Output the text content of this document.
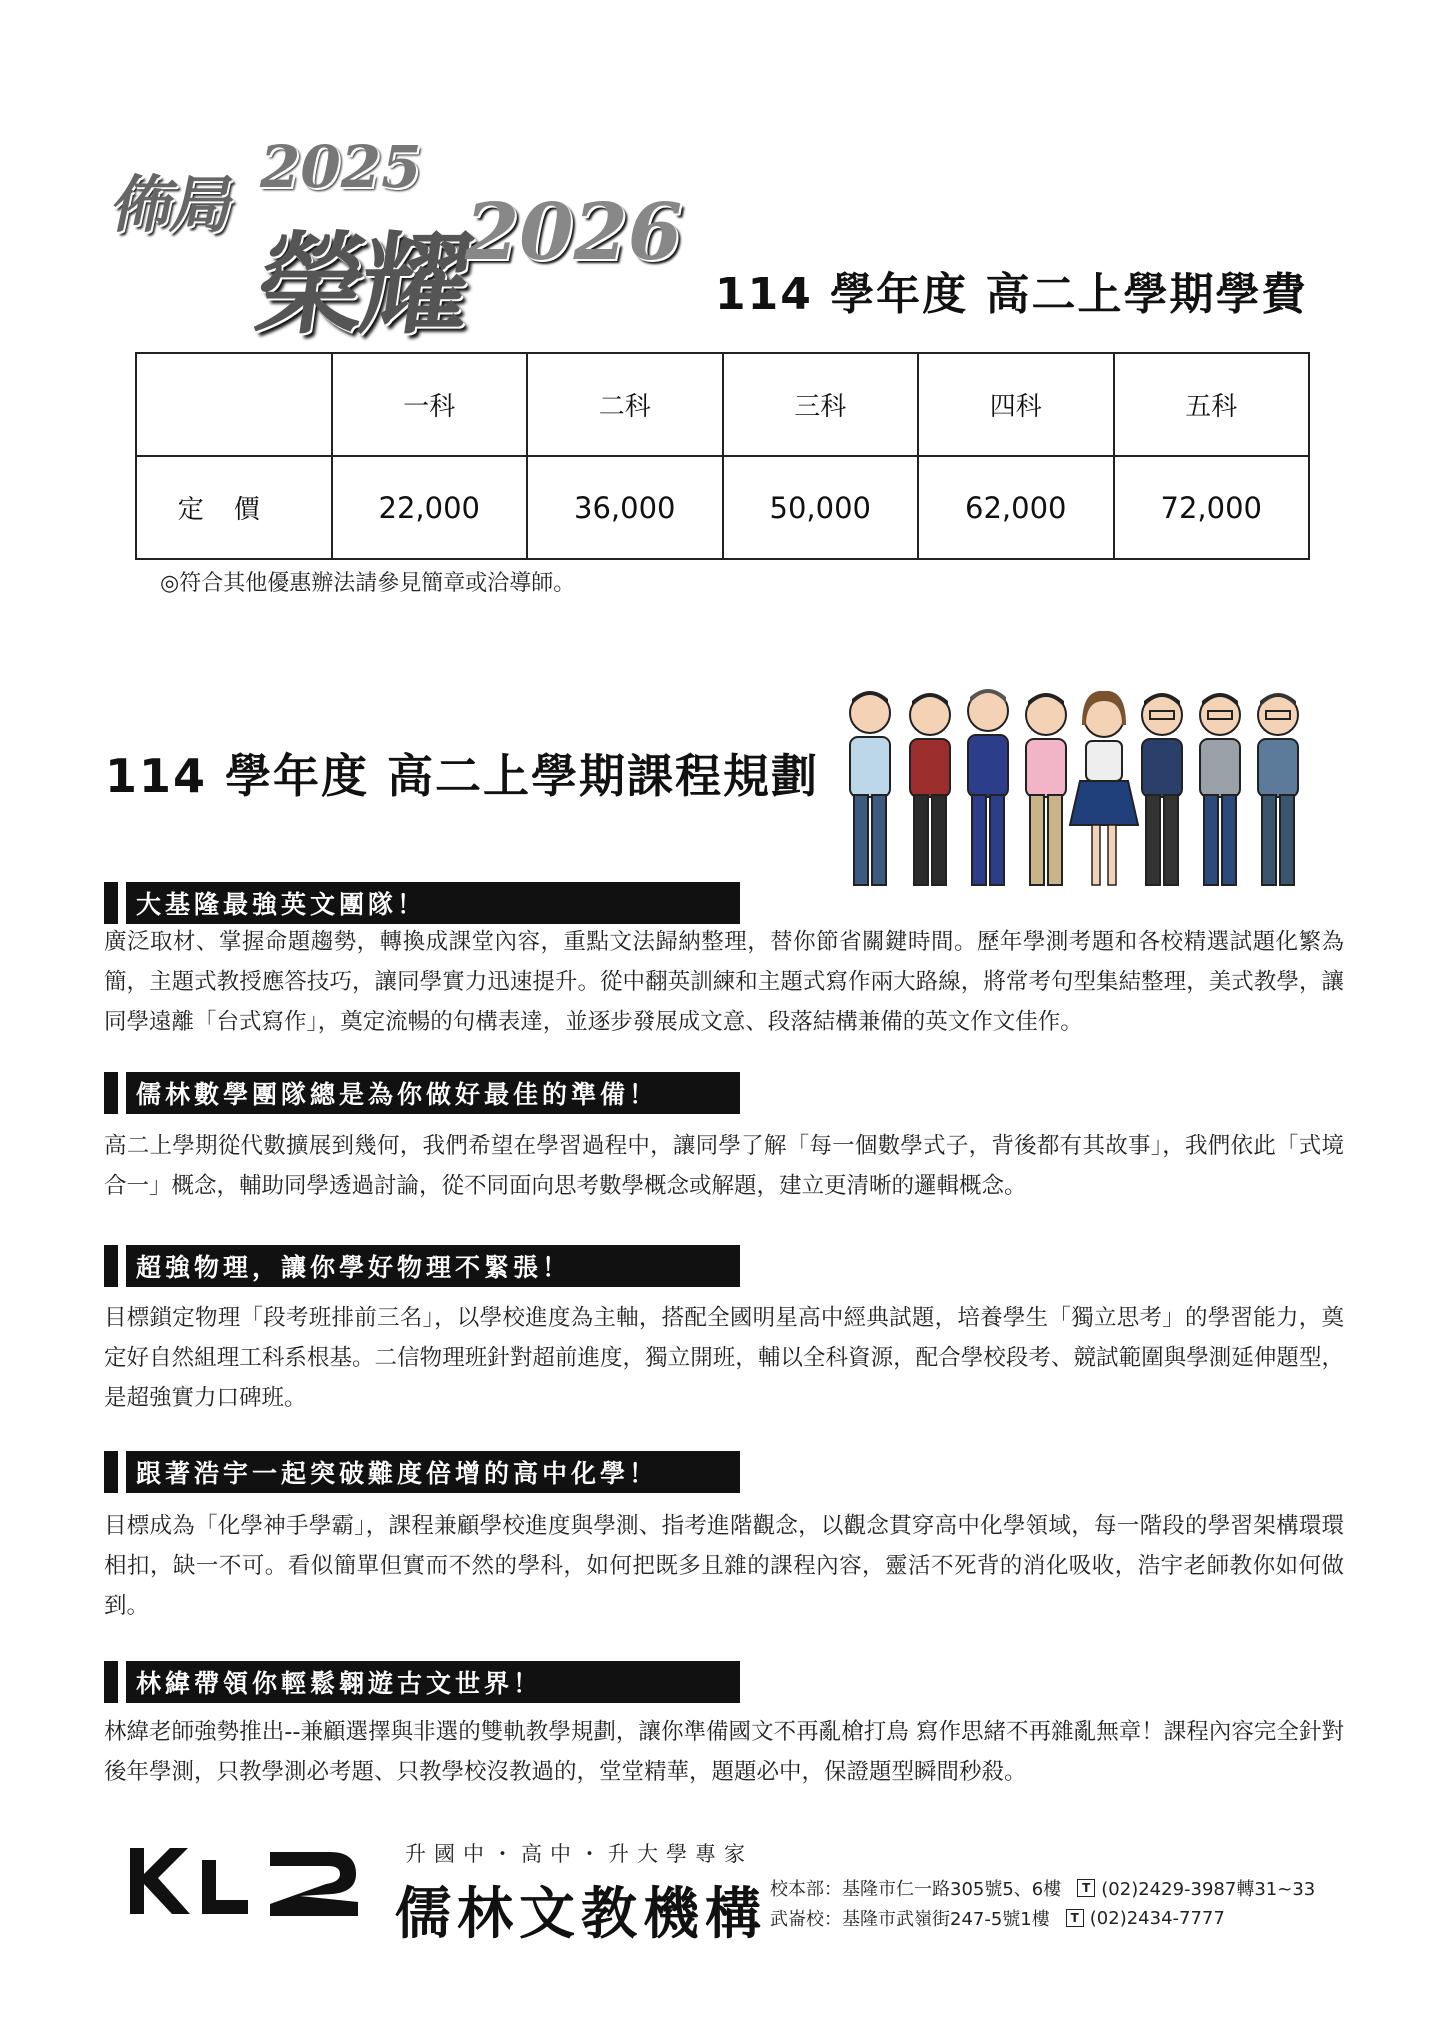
佈局
2025
榮耀
2026
114 學年度 高二上學期學費
	一科	二科	三科	四科	五科
定價	22,000	36,000	50,000	62,000	72,000
◎符合其他優惠辦法請參見簡章或洽導師。
114 學年度 高二上學期課程規劃
大基隆最強英文團隊！
廣泛取材、掌握命題趨勢，轉換成課堂內容，重點文法歸納整理，替你節省關鍵時間。歷年學測考題和各校精選試題化繁為簡，主題式教授應答技巧，讓同學實力迅速提升。從中翻英訓練和主題式寫作兩大路線，將常考句型集結整理，美式教學，讓同學遠離「台式寫作」，奠定流暢的句構表達，並逐步發展成文意、段落結構兼備的英文作文佳作。
儒林數學團隊總是為你做好最佳的準備！
高二上學期從代數擴展到幾何，我們希望在學習過程中，讓同學了解「每一個數學式子，背後都有其故事」，我們依此「式境合一」概念，輔助同學透過討論，從不同面向思考數學概念或解題，建立更清晰的邏輯概念。
超強物理，讓你學好物理不緊張！
目標鎖定物理「段考班排前三名」，以學校進度為主軸，搭配全國明星高中經典試題，培養學生「獨立思考」的學習能力，奠定好自然組理工科系根基。二信物理班針對超前進度，獨立開班，輔以全科資源，配合學校段考、競試範圍與學測延伸題型，是超強實力口碑班。
跟著浩宇一起突破難度倍增的高中化學！
目標成為「化學神手學霸」，課程兼顧學校進度與學測、指考進階觀念，以觀念貫穿高中化學領域，每一階段的學習架構環環相扣，缺一不可。看似簡單但實而不然的學科，如何把既多且雜的課程內容，靈活不死背的消化吸收，浩宇老師教你如何做到。
林緯帶領你輕鬆翱遊古文世界！
林緯老師強勢推出--兼顧選擇與非選的雙軌教學規劃，讓你準備國文不再亂槍打鳥 寫作思緒不再雜亂無章！課程內容完全針對後年學測，只教學測必考題、只教學校沒教過的，堂堂精華，題題必中，保證題型瞬間秒殺。
升國中・高中・升大學專家
儒林文教機構 校本部：基隆市仁一路305號5、6樓	T (02)2429-3987轉31~33
武崙校：基隆市武嶺街247-5號1樓	T (02)2434-7777
